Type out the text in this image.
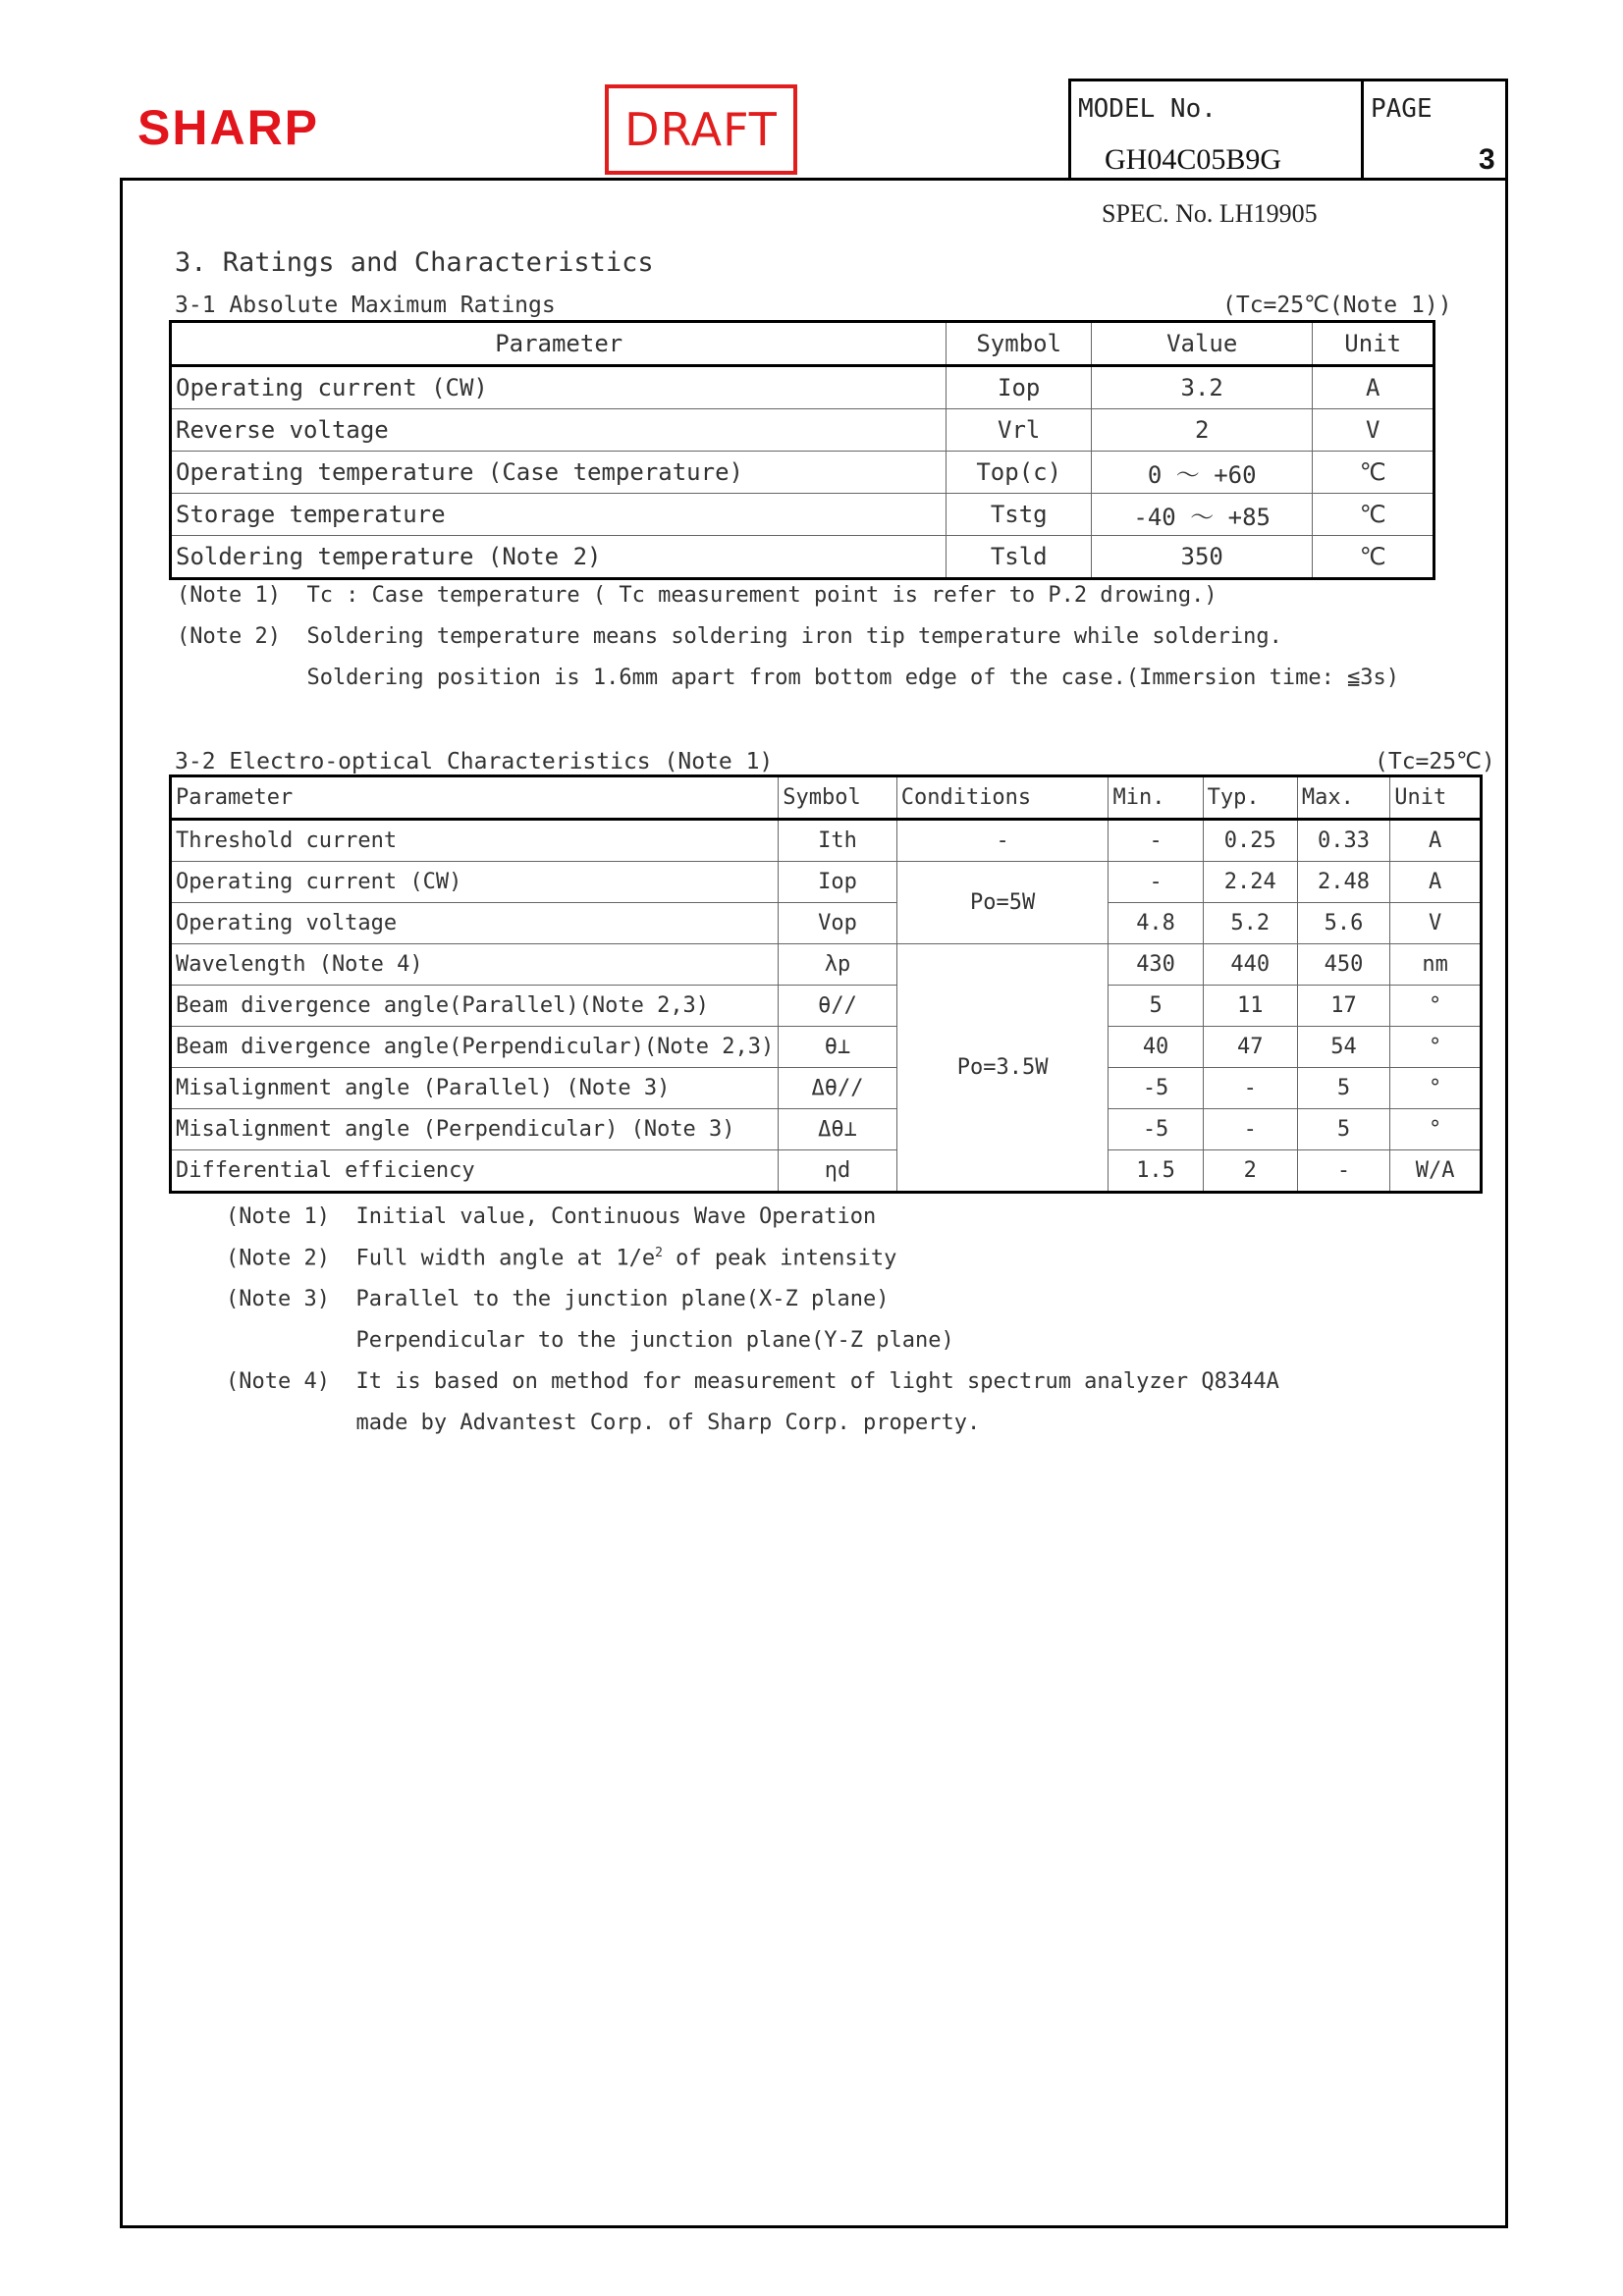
SHARP	DRAFT	MODEL No.
GH04C05B9G
PAGE
3
SPEC. No. LH19905
3. Ratings and Characteristics
3-1 Absolute Maximum Ratings	(Tc=25℃(Note 1))
Parameter	Symbol	Value	Unit
Operating current (CW)	Iop	3.2	A
Reverse voltage	Vrl	2	V
Operating temperature (Case temperature)	Top(c)	0 ～ +60	℃
Storage temperature	Tstg	-40 ～ +85	℃
Soldering temperature (Note 2)	Tsld	350	℃
(Note 1)  Tc : Case temperature ( Tc measurement point is refer to P.2 drowing.)
(Note 2)  Soldering temperature means soldering iron tip temperature while soldering.
Soldering position is 1.6mm apart from bottom edge of the case.(Immersion time: ≦3s)
3-2 Electro-optical Characteristics (Note 1)	(Tc=25℃)
Parameter	Symbol	Conditions	Min.	Typ.	Max.	Unit
Threshold current	Ith	-	-	0.25	0.33	A
Operating current (CW)	Iop	Po=5W	-	2.24	2.48	A
Operating voltage	Vop		4.8	5.2	5.6	V
Wavelength (Note 4)	λp	Po=3.5W	430	440	450	nm
Beam divergence angle(Parallel)(Note 2,3)	θ//		5	11	17	°
Beam divergence angle(Perpendicular)(Note 2,3)	θ⊥		40	47	54	°
Misalignment angle (Parallel) (Note 3)	Δθ//		-5	-	5	°
Misalignment angle (Perpendicular) (Note 3)	Δθ⊥		-5	-	5	°
Differential efficiency	ηd		1.5	2	-	W/A
(Note 1)  Initial value, Continuous Wave Operation
(Note 2)  Full width angle at $1/e^2$ of peak intensity
(Note 3)  Parallel to the junction plane(X-Z plane)
Perpendicular to the junction plane(Y-Z plane)
(Note 4)  It is based on method for measurement of light spectrum analyzer Q8344A
made by Advantest Corp. of Sharp Corp. property.
